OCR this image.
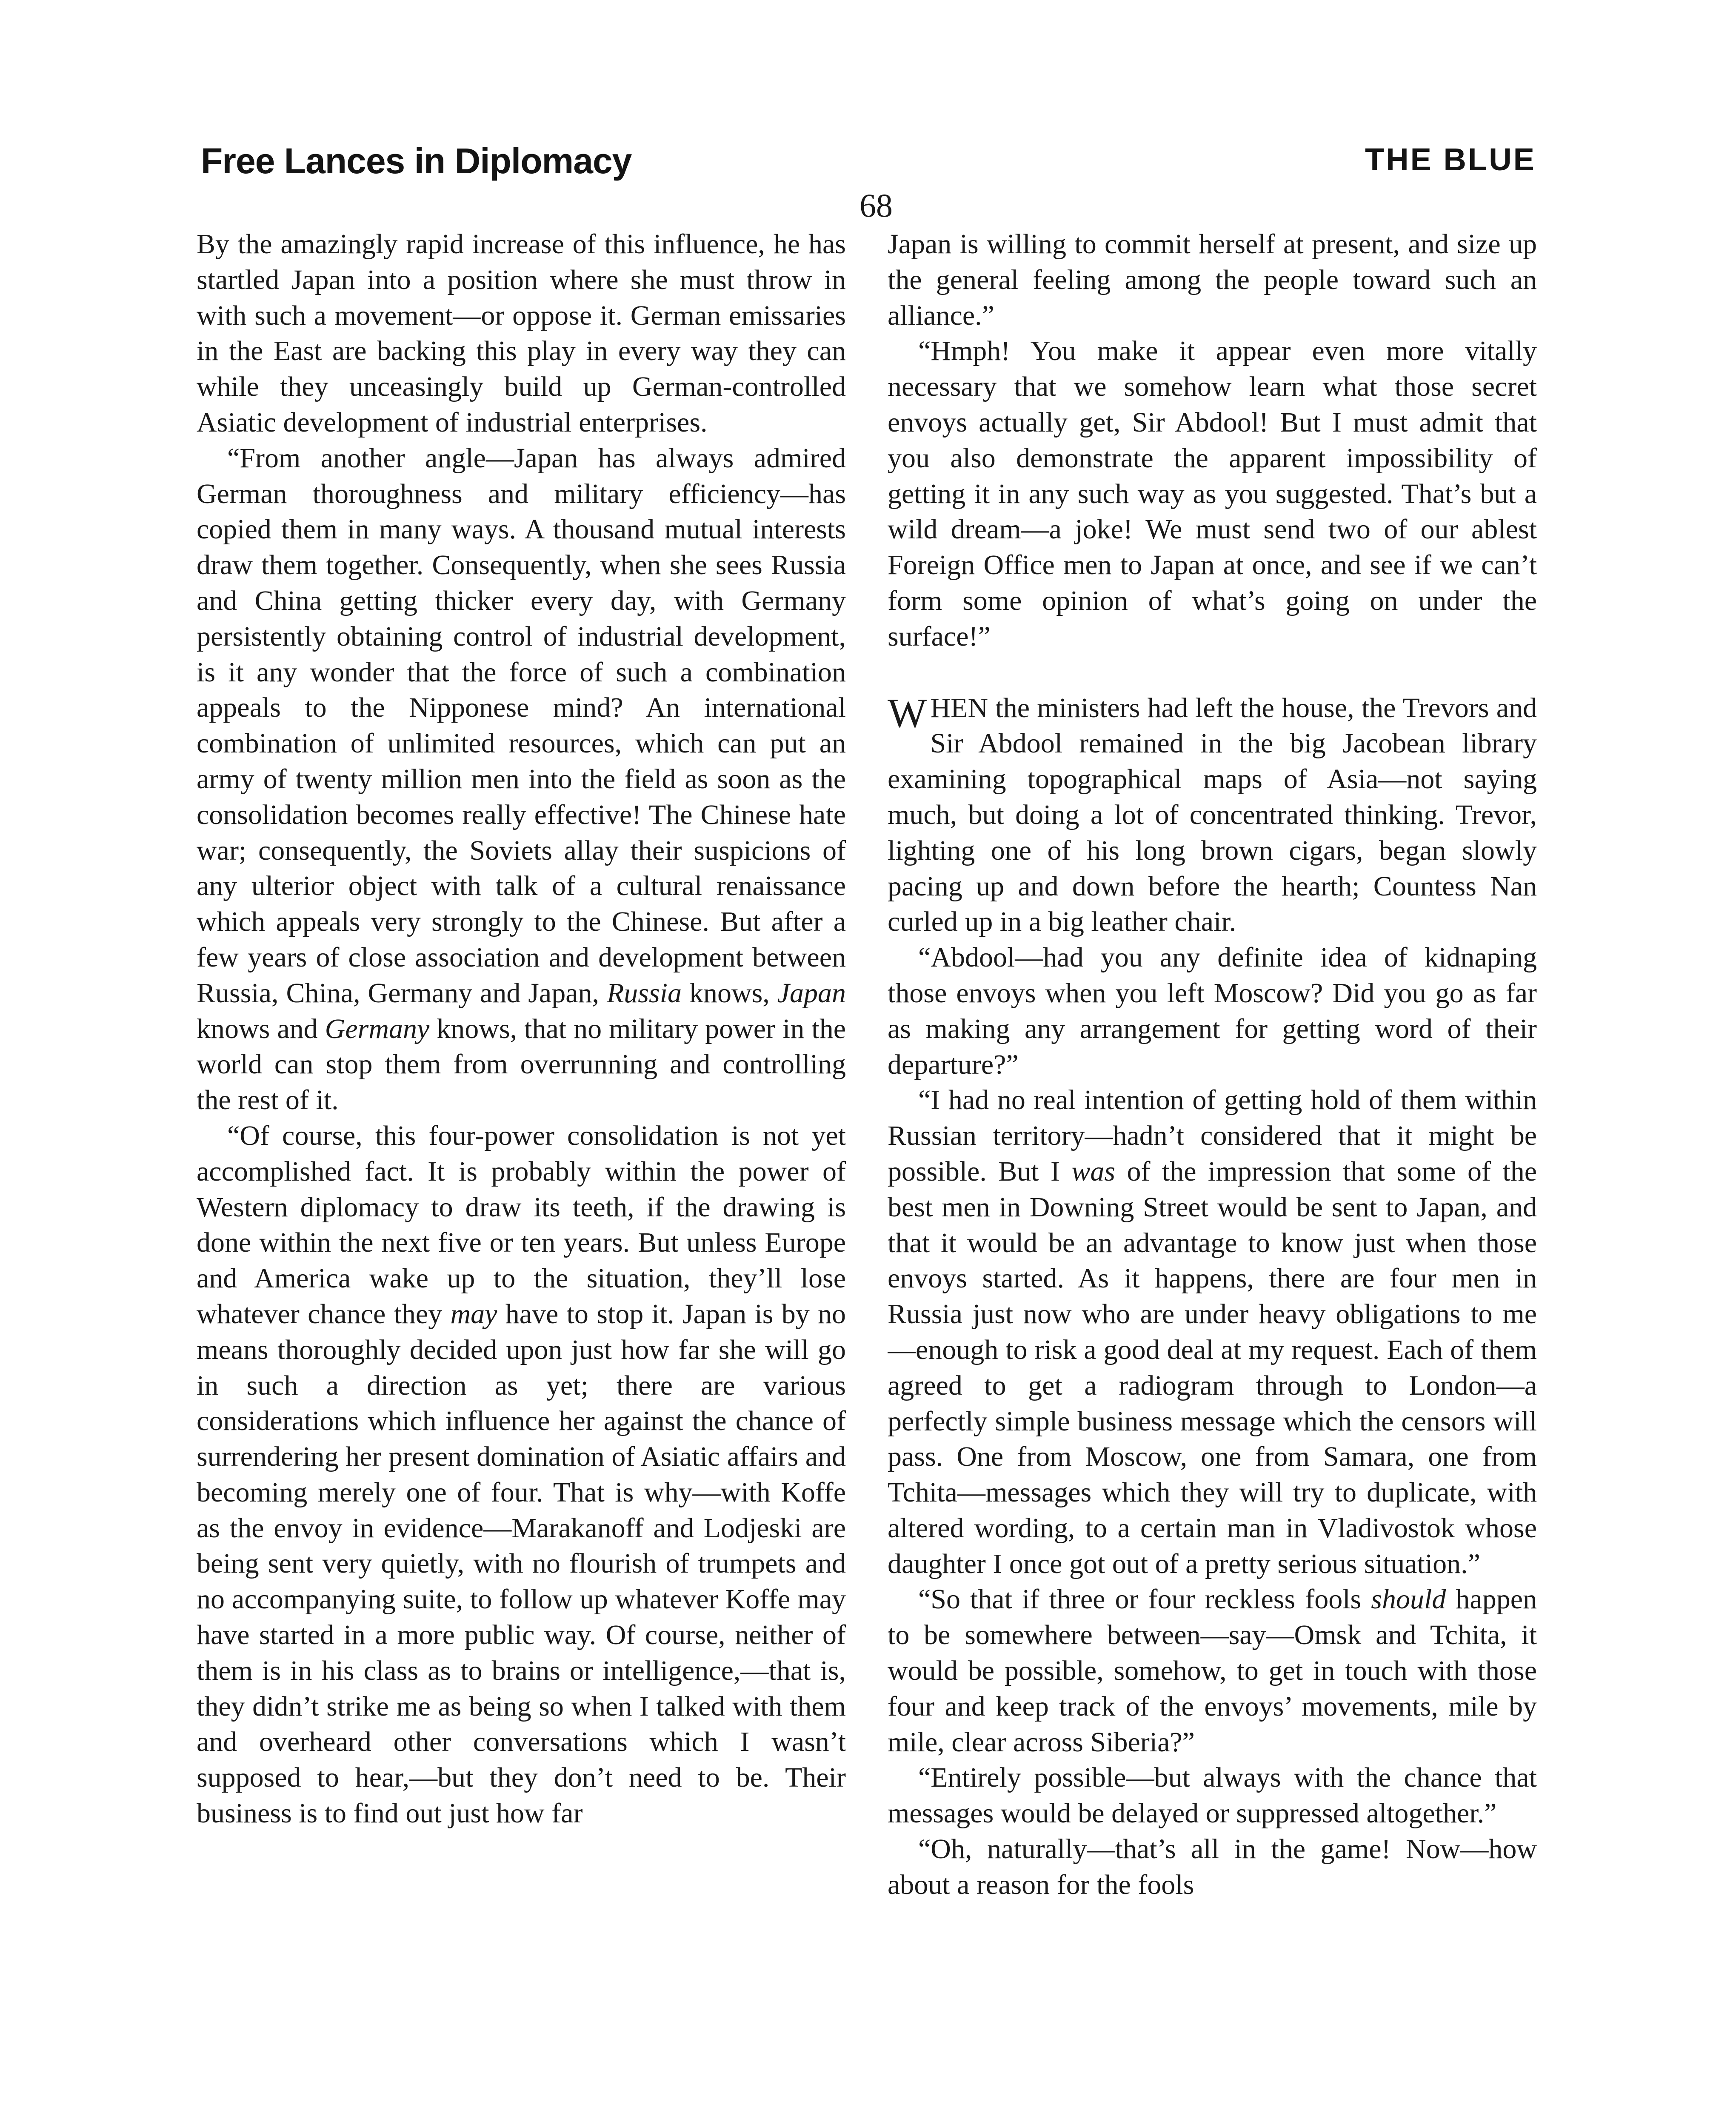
Free Lances in Diplomacy	THE BLUE
68

By the amazingly rapid increase of this influence, he has startled Japan into a position where she must throw in with such a movement—or oppose it. German emissaries in the East are backing this play in every way they can while they unceasingly build up German-controlled Asiatic development of industrial enterprises.

“From another angle—Japan has always admired German thoroughness and military efficiency—has copied them in many ways. A thousand mutual interests draw them together. Consequently, when she sees Russia and China getting thicker every day, with Germany persistently obtaining control of industrial development, is it any wonder that the force of such a combination appeals to the Nipponese mind? An international combination of unlimited resources, which can put an army of twenty million men into the field as soon as the consolidation becomes really effective! The Chinese hate war; consequently, the Soviets allay their suspicions of any ulterior object with talk of a cultural renaissance which appeals very strongly to the Chinese. But after a few years of close association and development between Russia, China, Germany and Japan, Russia knows, Japan knows and Germany knows, that no military power in the world can stop them from overrunning and controlling the rest of it.

“Of course, this four-power consolidation is not yet accomplished fact. It is probably within the power of Western diplomacy to draw its teeth, if the drawing is done within the next five or ten years. But unless Europe and America wake up to the situation, they’ll lose whatever chance they may have to stop it. Japan is by no means thoroughly decided upon just how far she will go in such a direction as yet; there are various considerations which influence her against the chance of surrendering her present domination of Asiatic affairs and becoming merely one of four. That is why—with Koffe as the envoy in evidence—Marakanoff and Lodjeski are being sent very quietly, with no flourish of trumpets and no accompanying suite, to follow up whatever Koffe may have started in a more public way. Of course, neither of them is in his class as to brains or intelligence,—that is, they didn’t strike me as being so when I talked with them and overheard other conversations which I wasn’t supposed to hear,—but they don’t need to be. Their business is to find out just how far

Japan is willing to commit herself at present, and size up the general feeling among the people toward such an alliance.”

“Hmph! You make it appear even more vitally necessary that we somehow learn what those secret envoys actually get, Sir Abdool! But I must admit that you also demonstrate the apparent impossibility of getting it in any such way as you suggested. That’s but a wild dream—a joke! We must send two of our ablest Foreign Office men to Japan at once, and see if we can’t form some opinion of what’s going on under the surface!”

W HEN the ministers had left the house, the Trevors and Sir Abdool remained in the big Jacobean library examining topographical maps of Asia—not saying much, but doing a lot of concentrated thinking. Trevor, lighting one of his long brown cigars, began slowly pacing up and down before the hearth; Countess Nan curled up in a big leather chair.

“Abdool—had you any definite idea of kidnaping those envoys when you left Moscow? Did you go as far as making any arrangement for getting word of their departure?”

“I had no real intention of getting hold of them within Russian territory—hadn’t considered that it might be possible. But I was of the impression that some of the best men in Downing Street would be sent to Japan, and that it would be an advantage to know just when those envoys started. As it happens, there are four men in Russia just now who are under heavy obligations to me—enough to risk a good deal at my request. Each of them agreed to get a radiogram through to London—a perfectly simple business message which the censors will pass. One from Moscow, one from Samara, one from Tchita—messages which they will try to duplicate, with altered wording, to a certain man in Vladivostok whose daughter I once got out of a pretty serious situation.”

“So that if three or four reckless fools should happen to be somewhere between—say—Omsk and Tchita, it would be possible, somehow, to get in touch with those four and keep track of the envoys’ movements, mile by mile, clear across Siberia?”

“Entirely possible—but always with the chance that messages would be delayed or suppressed altogether.”

“Oh, naturally—that’s all in the game! Now—how about a reason for the fools
